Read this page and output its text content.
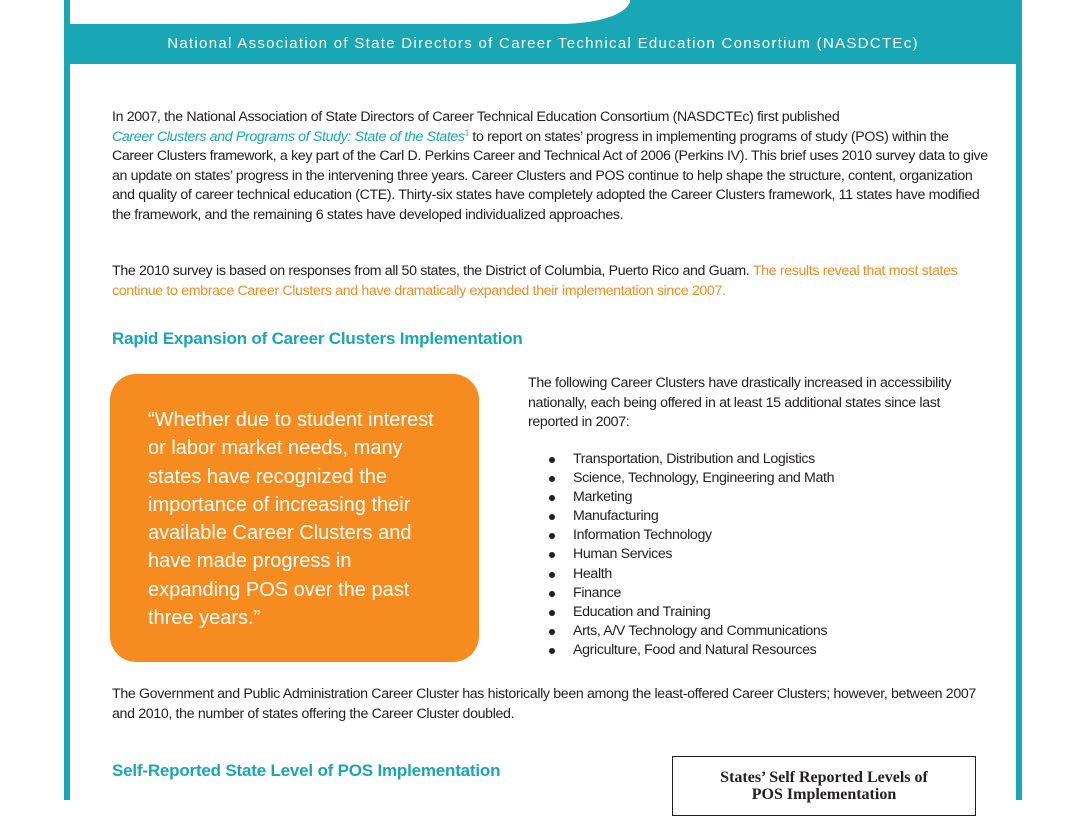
National Association of State Directors of Career Technical Education Consortium (NASDCTEc)
In 2007, the National Association of State Directors of Career Technical Education Consortium (NASDCTEc) first published
Career Clusters and Programs of Study: State of the States$^1$ to report on states’ progress in implementing programs of study (POS) within the Career Clusters framework, a key part of the Carl D. Perkins Career and Technical Act of 2006 (Perkins IV). This brief uses 2010 survey data to give an update on states’ progress in the intervening three years. Career Clusters and POS continue to help shape the structure, content, organization and quality of career technical education (CTE). Thirty-six states have completely adopted the Career Clusters framework, 11 states have modified the framework, and the remaining 6 states have developed individualized approaches.
The 2010 survey is based on responses from all 50 states, the District of Columbia, Puerto Rico and Guam. The results reveal that most states continue to embrace Career Clusters and have dramatically expanded their implementation since 2007.
Rapid Expansion of Career Clusters Implementation
“Whether due to student interest or labor market needs, many states have recognized the importance of increasing their available Career Clusters and have made progress in expanding POS over the past three years.”
The following Career Clusters have drastically increased in accessibility nationally, each being offered in at least 15 additional states since last reported in 2007:
Transportation, Distribution and Logistics
Science, Technology, Engineering and Math
Marketing
Manufacturing
Information Technology
Human Services
Health
Finance
Education and Training
Arts, A/V Technology and Communications
Agriculture, Food and Natural Resources
The Government and Public Administration Career Cluster has historically been among the least-offered Career Clusters; however, between 2007 and 2010, the number of states offering the Career Cluster doubled.
Self-Reported State Level of POS Implementation	States’ Self Reported Levels of
POS Implementation
